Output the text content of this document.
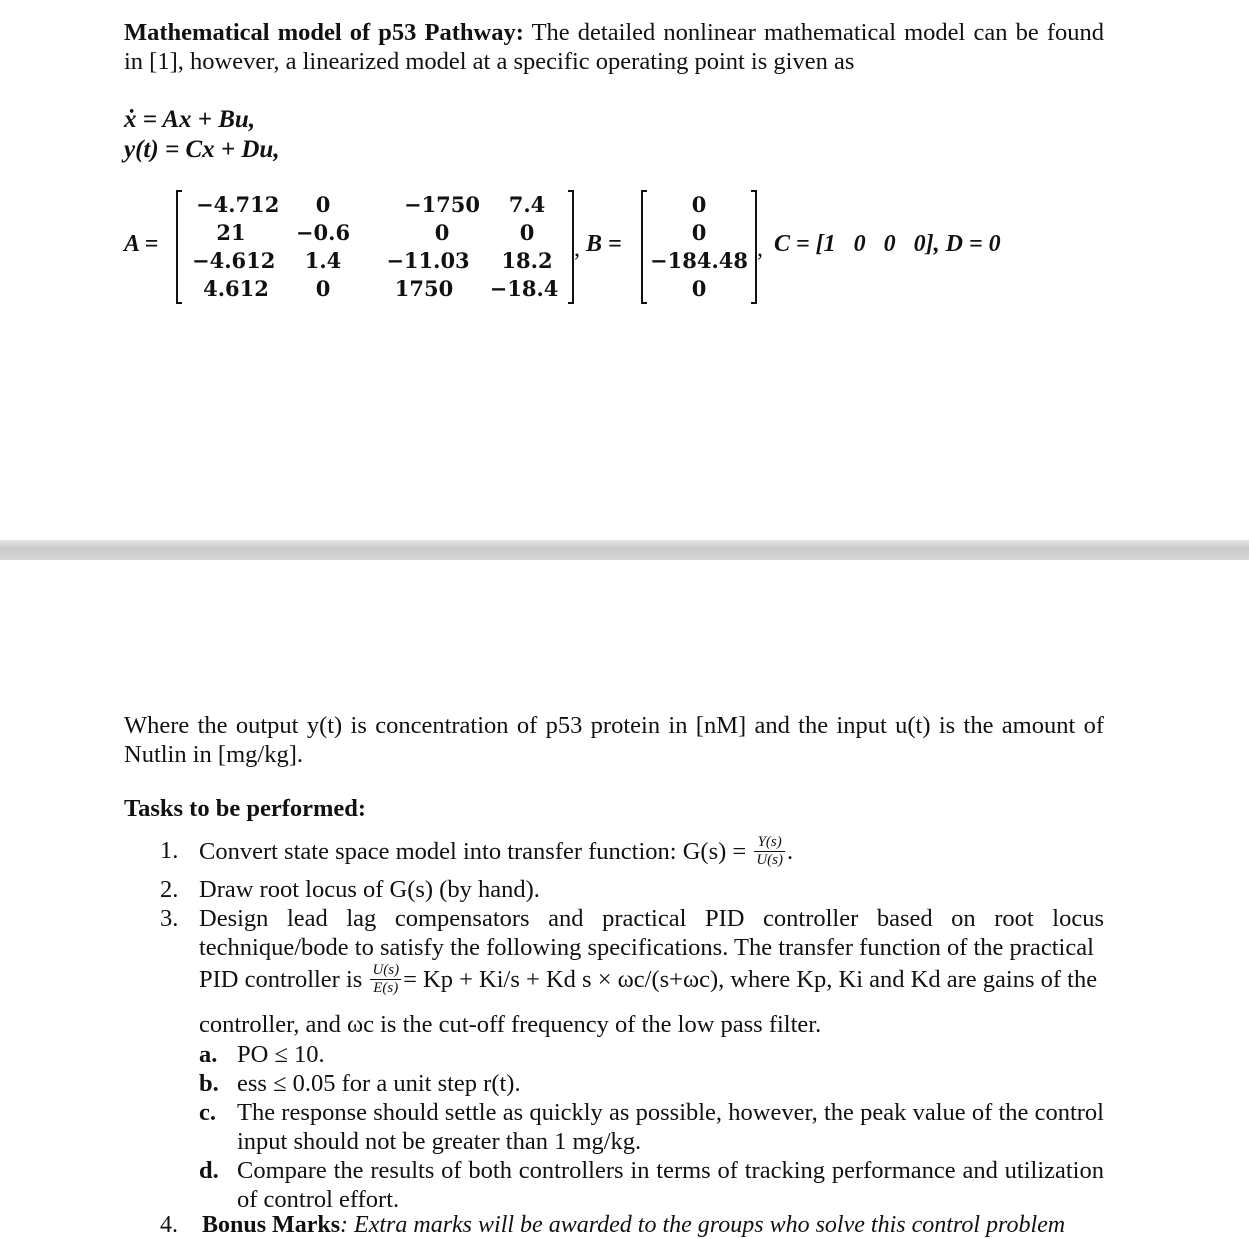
Mathematical model of p53 Pathway: The detailed nonlinear mathematical model can be found in [1], however, a linearized model at a specific operating point is given as

ẋ = Ax + Bu,
y(t) = Cx + Du,
A =
−4.712	0	−1750	7.4
21	−0.6	0	0
−4.612	1.4	−11.03	18.2
4.612	0	1750	−18.4
, B =
0
0
−184.48
0
, C = [1   0   0   0], D = 0

Where the output y(t) is concentration of p53 protein in [nM] and the input u(t) is the amount of Nutlin in [mg/kg].

Tasks to be performed:
1. Convert state space model into transfer function: $G(s) = \frac{Y(s)}{U(s)}$ .
2. Draw root locus of G(s) (by hand).
3. Design lead lag compensators and practical PID controller based on root locus technique/bode to satisfy the following specifications. The transfer function of the practical
PID controller is $\frac{U(s)}{E(s)} = Kp + Ki/s + Kd$ s × ωc/(s+ωc), where Kp, Ki and Kd are gains of the
controller, and ωc is the cut-off frequency of the low pass filter.
a. PO ≤ 10.
b. ess ≤ 0.05 for a unit step r(t).
c. The response should settle as quickly as possible, however, the peak value of the control input should not be greater than 1 mg/kg.
d. Compare the results of both controllers in terms of tracking performance and utilization of control effort.
4. Bonus Marks: Extra marks will be awarded to the groups who solve this control problem
